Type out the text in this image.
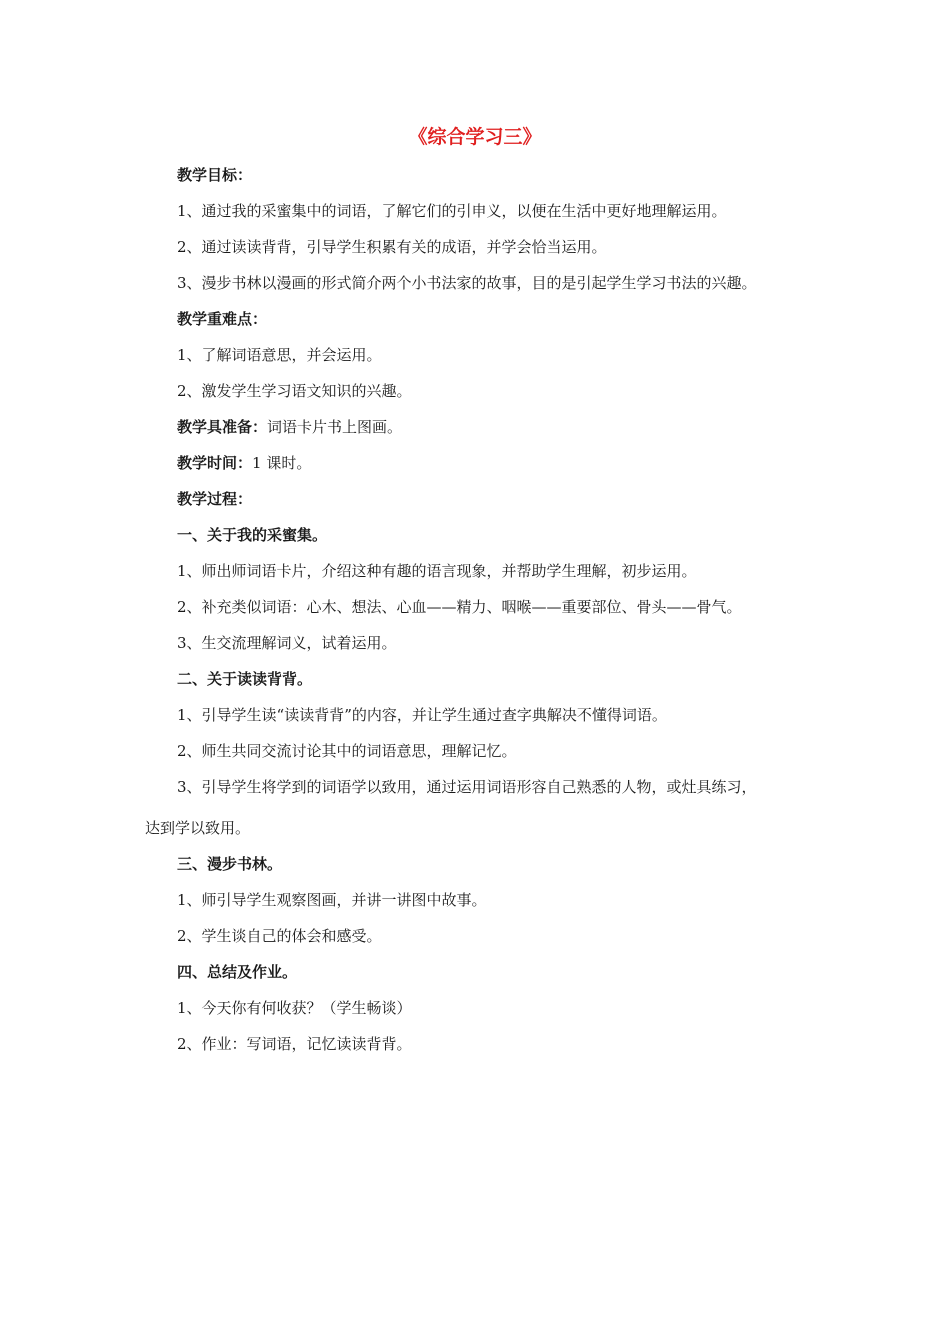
《综合学习三》
教学目标：
1、通过我的采蜜集中的词语，了解它们的引申义，以便在生活中更好地理解运用。
2、通过读读背背，引导学生积累有关的成语，并学会恰当运用。
3、漫步书林以漫画的形式简介两个小书法家的故事，目的是引起学生学习书法的兴趣。
教学重难点：
1、了解词语意思，并会运用。
2、激发学生学习语文知识的兴趣。
教学具准备：词语卡片书上图画。
教学时间：1 课时。
教学过程：
一、关于我的采蜜集。
1、师出师词语卡片，介绍这种有趣的语言现象，并帮助学生理解，初步运用。
2、补充类似词语：心木、想法、心血——精力、咽喉——重要部位、骨头——骨气。
3、生交流理解词义，试着运用。
二、关于读读背背。
1、引导学生读“读读背背”的内容，并让学生通过查字典解决不懂得词语。
2、师生共同交流讨论其中的词语意思，理解记忆。
3、引导学生将学到的词语学以致用，通过运用词语形容自己熟悉的人物，或灶具练习，
达到学以致用。
三、漫步书林。
1、师引导学生观察图画，并讲一讲图中故事。
2、学生谈自己的体会和感受。
四、总结及作业。
1、今天你有何收获？（学生畅谈）
2、作业：写词语，记忆读读背背。
